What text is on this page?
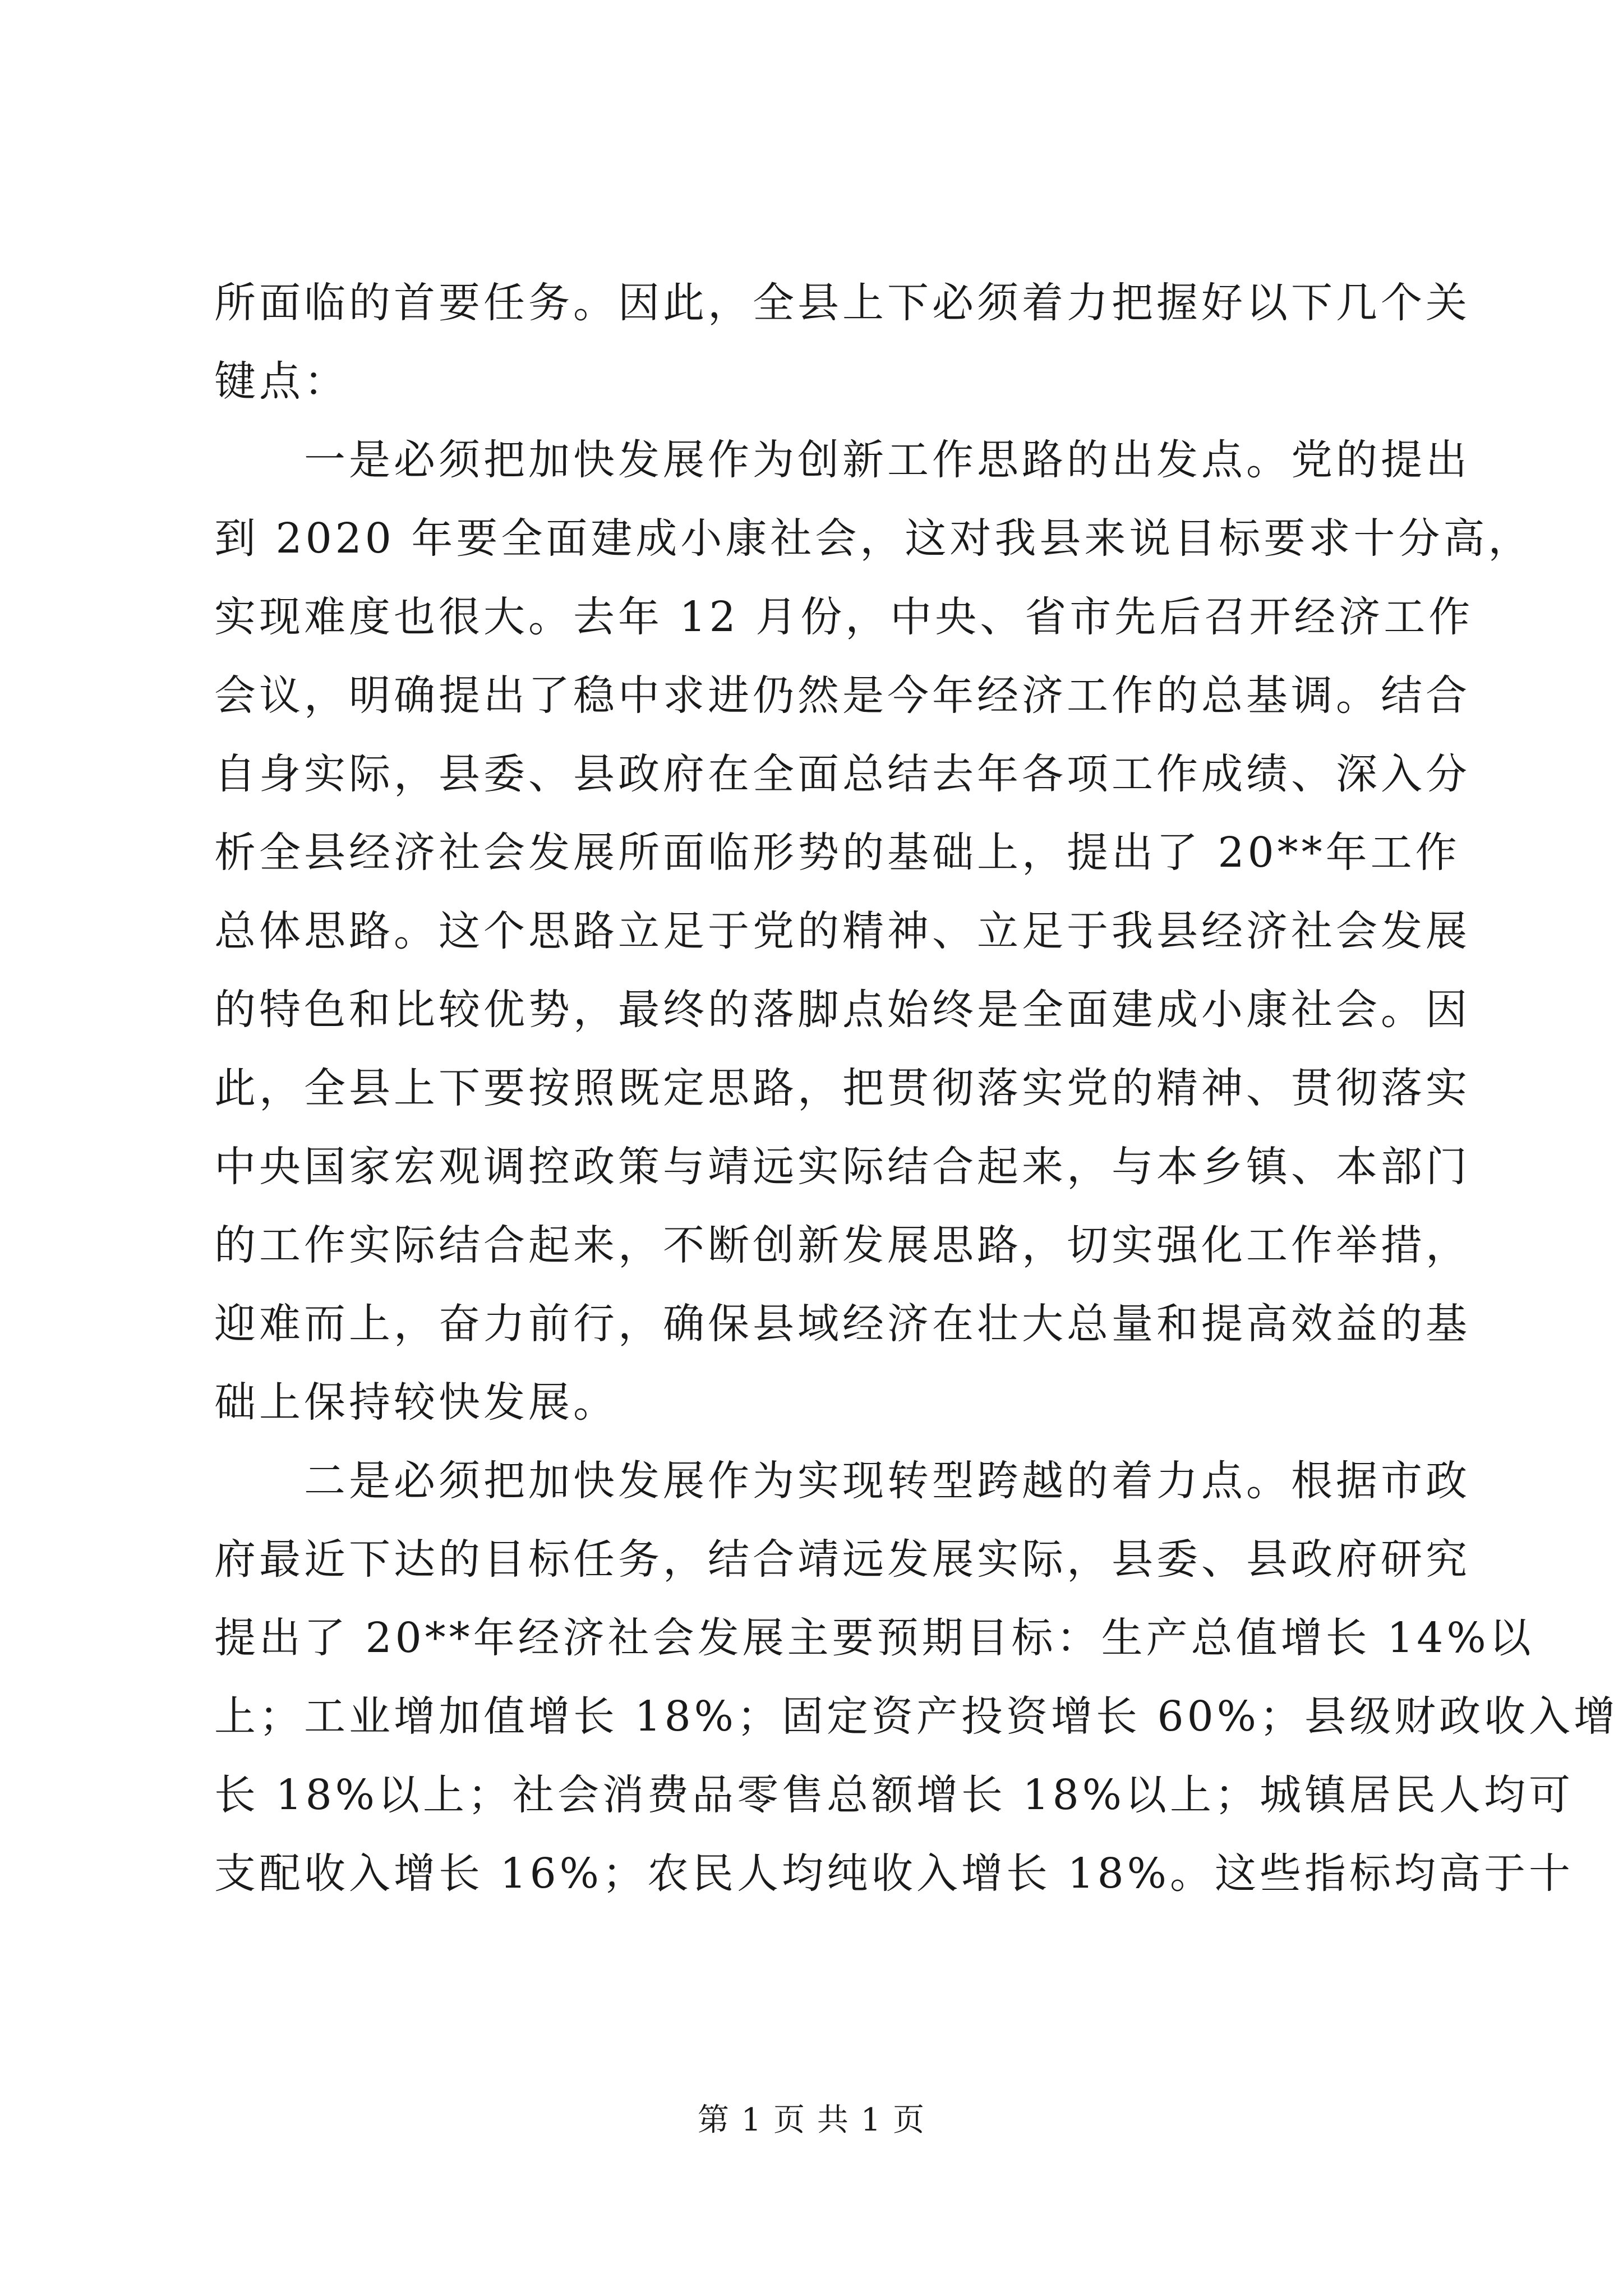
所面临的首要任务。因此，全县上下必须着力把握好以下几个关
键点：
　　一是必须把加快发展作为创新工作思路的出发点。党的提出
到 2020 年要全面建成小康社会，这对我县来说目标要求十分高，
实现难度也很大。去年 12 月份，中央、省市先后召开经济工作
会议，明确提出了稳中求进仍然是今年经济工作的总基调。结合
自身实际，县委、县政府在全面总结去年各项工作成绩、深入分
析全县经济社会发展所面临形势的基础上，提出了 20**年工作
总体思路。这个思路立足于党的精神、立足于我县经济社会发展
的特色和比较优势，最终的落脚点始终是全面建成小康社会。因
此，全县上下要按照既定思路，把贯彻落实党的精神、贯彻落实
中央国家宏观调控政策与靖远实际结合起来，与本乡镇、本部门
的工作实际结合起来，不断创新发展思路，切实强化工作举措，
迎难而上，奋力前行，确保县域经济在壮大总量和提高效益的基
础上保持较快发展。
　　二是必须把加快发展作为实现转型跨越的着力点。根据市政
府最近下达的目标任务，结合靖远发展实际，县委、县政府研究
提出了 20**年经济社会发展主要预期目标：生产总值增长 14%以
上；工业增加值增长 18%；固定资产投资增长 60%；县级财政收入增
长 18%以上；社会消费品零售总额增长 18%以上；城镇居民人均可
支配收入增长 16%；农民人均纯收入增长 18%。这些指标均高于十
第 1 页 共 1 页
